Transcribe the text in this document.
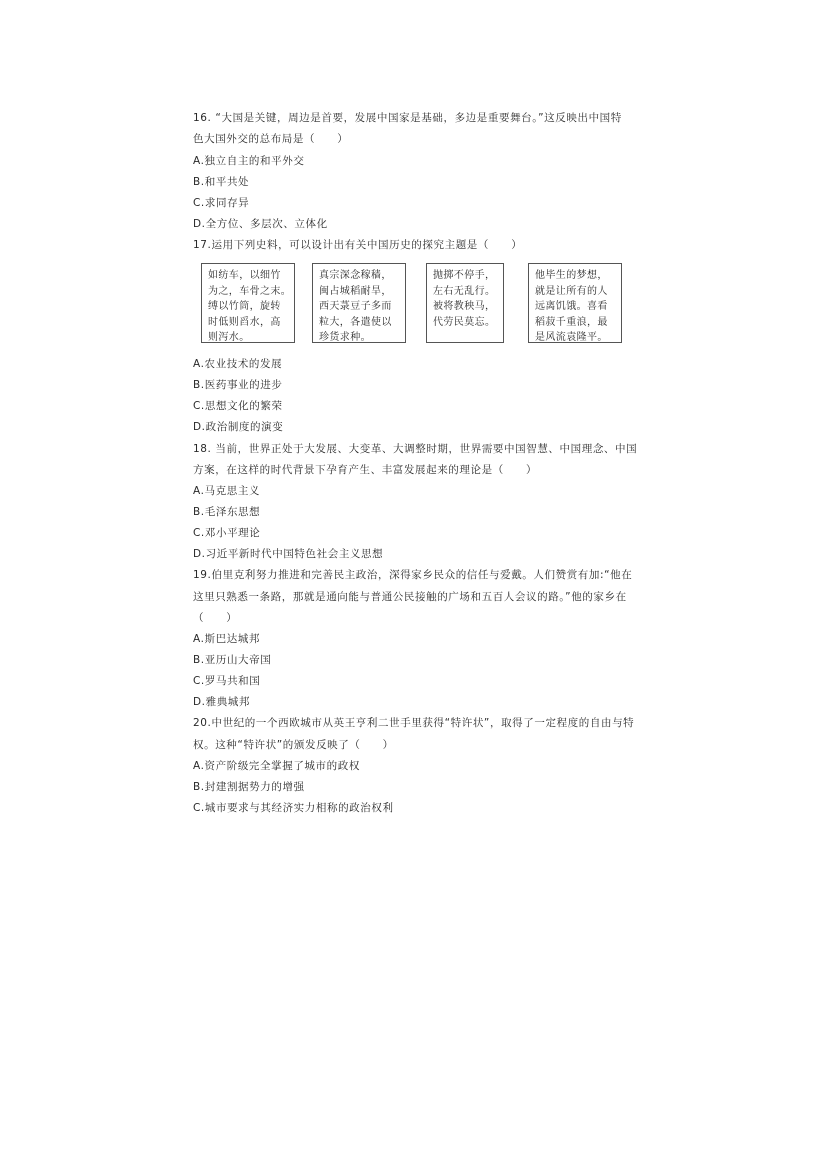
16. “大国是关键，周边是首要，发展中国家是基础，多边是重要舞台。”这反映出中国特
色大国外交的总布局是（　　）
A.独立自主的和平外交
B.和平共处
C.求同存异
D.全方位、多层次、立体化
17.运用下列史料，可以设计出有关中国历史的探究主题是（　　）
如纺车，以细竹
为之，车骨之末。
缚以竹筒，旋转
时低则舀水，高
则泻水。
真宗深念稼穑，
闽占城稻耐旱，
西天菉豆子多而
粒大，各遣使以
珍货求种。
抛掷不停手，
左右无乱行。
被将教秧马，
代劳民莫忘。
他毕生的梦想，
就是让所有的人
远离饥饿。喜看
稻菽千重浪，最
是风流袁隆平。
A.农业技术的发展
B.医药事业的进步
C.思想文化的繁荣
D.政治制度的演变
18. 当前，世界正处于大发展、大变革、大调整时期，世界需要中国智慧、中国理念、中国
方案，在这样的时代背景下孕育产生、丰富发展起来的理论是（　　）
A.马克思主义
B.毛泽东思想
C.邓小平理论
D.习近平新时代中国特色社会主义思想
19.伯里克利努力推进和完善民主政治，深得家乡民众的信任与爱戴。人们赞赏有加:“他在
这里只熟悉一条路，那就是通向能与普通公民接触的广场和五百人会议的路。”他的家乡在
（　　）
A.斯巴达城邦
B.亚历山大帝国
C.罗马共和国
D.雅典城邦
20.中世纪的一个西欧城市从英王亨利二世手里获得“特许状”，取得了一定程度的自由与特
权。这种“特许状”的颁发反映了（　　）
A.资产阶级完全掌握了城市的政权
B.封建割据势力的增强
C.城市要求与其经济实力相称的政治权利
